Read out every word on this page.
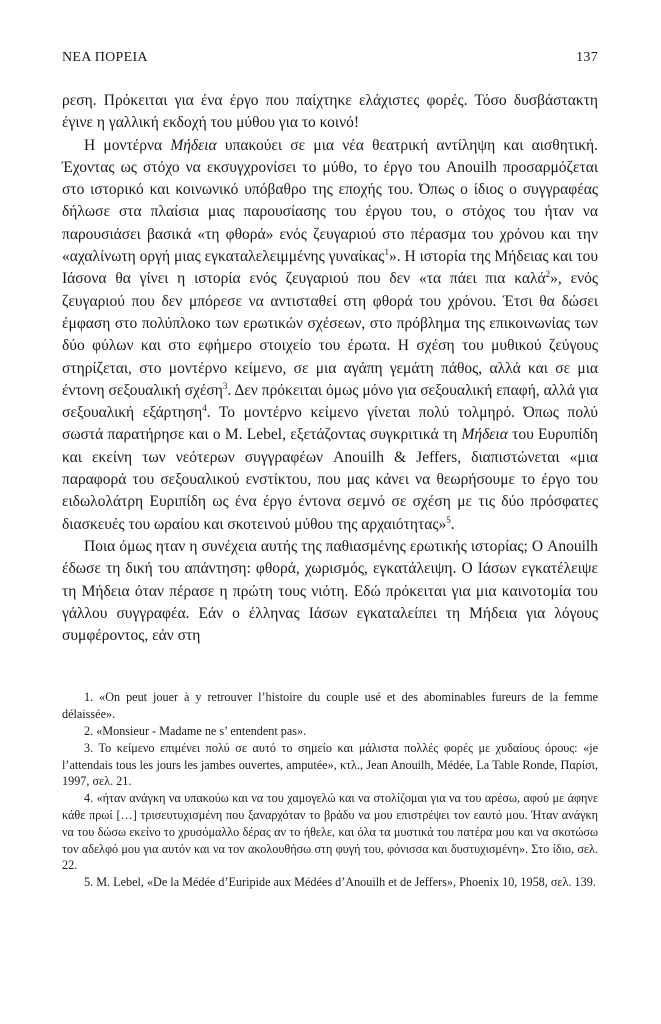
ΝΕΑ ΠΟΡΕΙΑ	137

ρεση. Πρόκειται για ένα έργο που παίχτηκε ελάχιστες φορές. Τόσο δυσβάστακτη έγινε η γαλλική εκδοχή του μύθου για το κοινό!

Η μοντέρνα Μήδεια υπακούει σε μια νέα θεατρική αντίληψη και αισθητική. Έχοντας ως στόχο να εκσυγχρονίσει το μύθο, το έργο του Anouilh προσαρμόζεται στο ιστορικό και κοινωνικό υπόβαθρο της εποχής του. Όπως ο ίδιος ο συγγραφέας δήλωσε στα πλαίσια μιας παρουσίασης του έργου του, ο στόχος του ήταν να παρουσιάσει βασικά «τη φθορά» ενός ζευγαριού στο πέρασμα του χρόνου και την «αχαλίνωτη οργή μιας εγκαταλελειμμένης γυναίκας$^1$». Η ιστορία της Μήδειας και του Ιάσονα θα γίνει η ιστορία ενός ζευγαριού που δεν «τα πάει πια καλά$^2$», ενός ζευγαριού που δεν μπόρεσε να αντισταθεί στη φθορά του χρόνου. Έτσι θα δώσει έμφαση στο πολύπλοκο των ερωτικών σχέσεων, στο πρόβλημα της επικοινωνίας των δύο φύλων και στο εφήμερο στοιχείο του έρωτα. Η σχέση του μυθικού ζεύγους στηρίζεται, στο μοντέρνο κείμενο, σε μια αγάπη γεμάτη πάθος, αλλά και σε μια έντονη σεξουαλική σχέση$^3$. Δεν πρόκειται όμως μόνο για σεξουαλική επαφή, αλλά για σεξουαλική εξάρτηση$^4$. Το μοντέρνο κείμενο γίνεται πολύ τολμηρό. Όπως πολύ σωστά παρατήρησε και ο M. Lebel, εξετάζοντας συγκριτικά τη Μήδεια του Ευρυπίδη και εκείνη των νεότερων συγγραφέων Anouilh & Jeffers, διαπιστώνεται «μια παραφορά του σεξουαλικού ενστίκτου, που μας κάνει να θεωρήσουμε το έργο του ειδωλολάτρη Ευριπίδη ως ένα έργο έντονα σεμνό σε σχέση με τις δύο πρόσφατες διασκευές του ωραίου και σκοτεινού μύθου της αρχαιότητας»$^5$.

Ποια όμως ηταν η συνέχεια αυτής της παθιασμένης ερωτικής ιστορίας; Ο Anouilh έδωσε τη δική του απάντηση: φθορά, χωρισμός, εγκατάλειψη. Ο Ιάσων εγκατέλειψε τη Μήδεια όταν πέρασε η πρώτη τους νιότη. Εδώ πρόκειται για μια καινοτομία του γάλλου συγγραφέα. Εάν ο έλληνας Ιάσων εγκαταλείπει τη Μήδεια για λόγους συμφέροντος, εάν στη

1. «On peut jouer à y retrouver l’histoire du couple usé et des abominables fureurs de la femme délaissée».

2. «Monsieur - Madame ne s’ entendent pas».

3. Το κείμενο επιμένει πολύ σε αυτό το σημείο και μάλιστα πολλές φορές με χυδαίους όρους: «je l’attendais tous les jours les jambes ouvertes, amputée», κτλ., Jean Anouilh, Médée, La Table Ronde, Παρίσι, 1997, σελ. 21.

4. «ήταν ανάγκη να υπακούω και να του χαμογελώ και να στολίζομαι για να του αρέσω, αφού με άφηνε κάθε πρωί […] τρισευτυχισμένη που ξαναρχόταν το βράδυ να μου επιστρέψει τον εαυτό μου. Ήταν ανάγκη να του δώσω εκείνο το χρυσόμαλλο δέρας αν το ήθελε, και όλα τα μυστικά του πατέρα μου και να σκοτώσω τον αδελφό μου για αυτόν και να τον ακολουθήσω στη φυγή του, φόνισσα και δυστυχισμένη». Στο ίδιο, σελ. 22.

5. M. Lebel, «De la Médée d’Euripide aux Médées d’Anouilh et de Jeffers», Phoenix 10, 1958, σελ. 139.
